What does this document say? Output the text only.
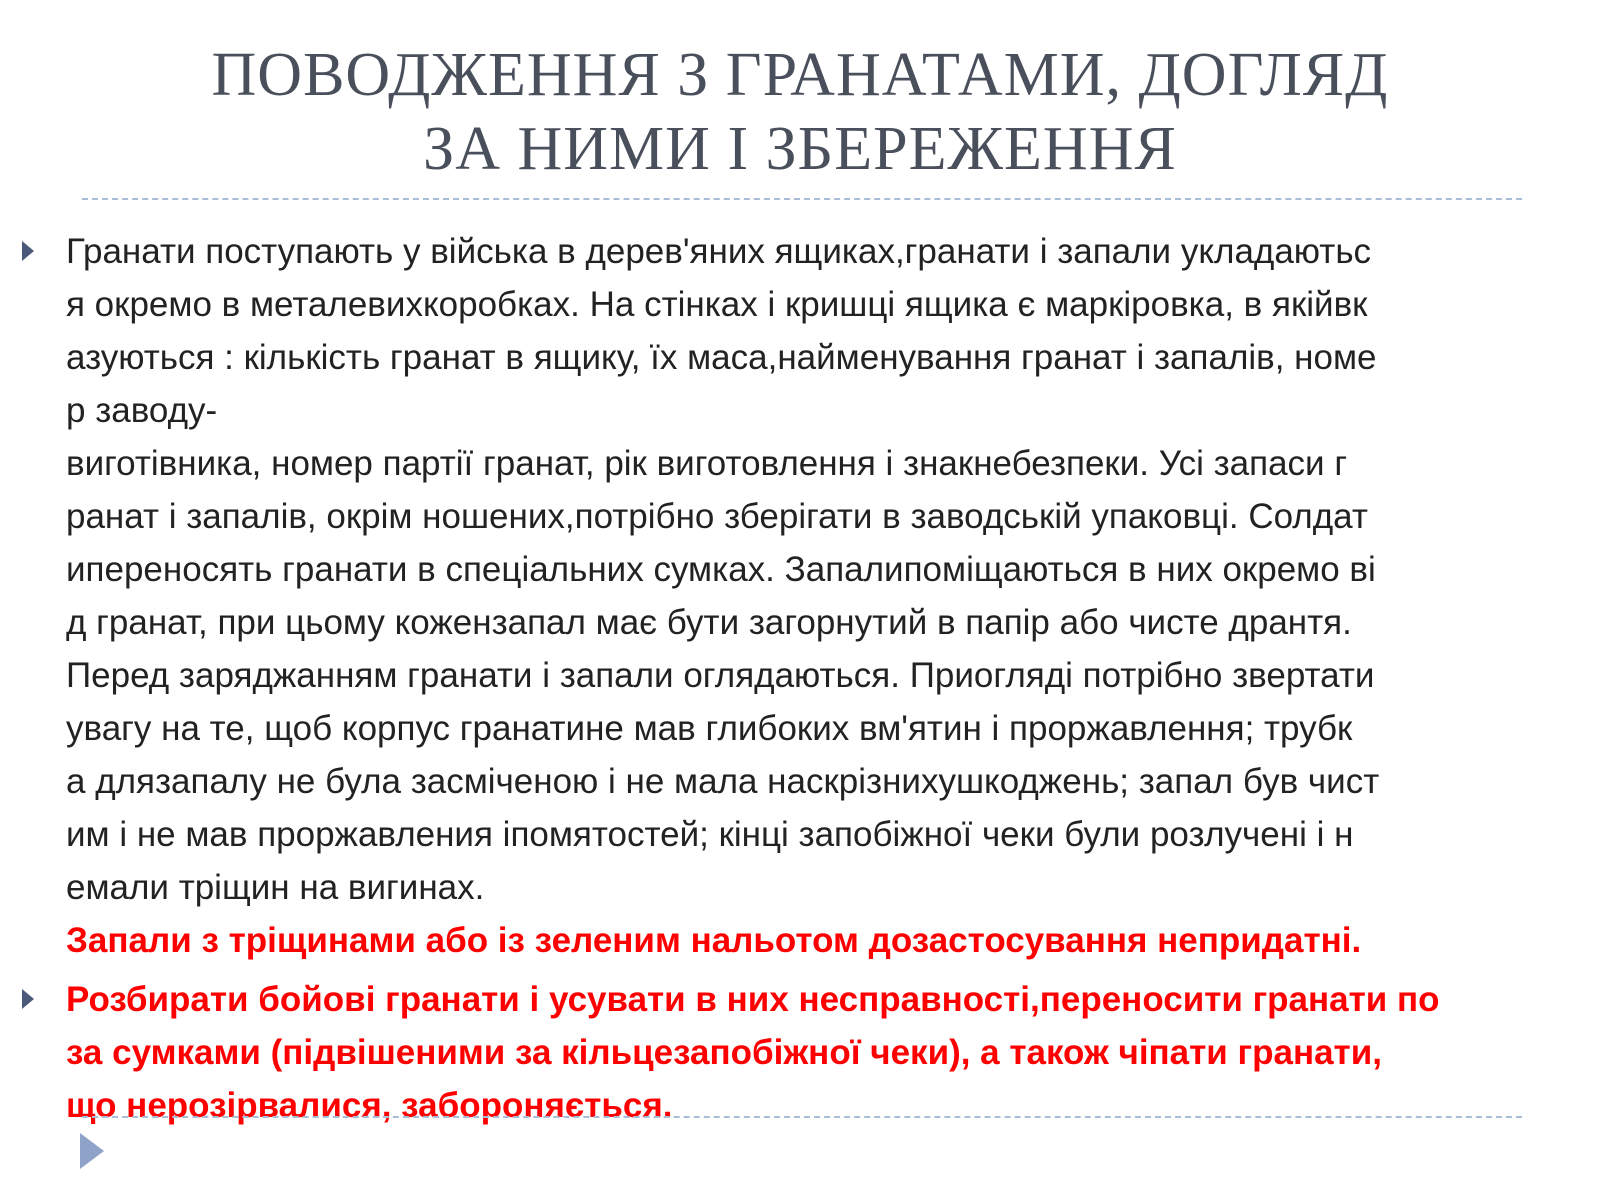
ПОВОДЖЕННЯ З ГРАНАТАМИ, ДОГЛЯД
ЗА НИМИ І ЗБЕРЕЖЕННЯ
Гранати поступають у війська в дерев'яних ящиках,гранати і запали укладаютьс
я окремо в металевихкоробках. На стінках і кришці ящика є маркіровка, в якійвк
азуються : кількість гранат в ящику, їх маса,найменування гранат і запалів, номе
р заводу-
виготівника, номер партії гранат, рік виготовлення і знакнебезпеки. Усі запаси г
ранат і запалів, окрім ношених,потрібно зберігати в заводській упаковці. Солдат
ипереносять гранати в спеціальних сумках. Запалипоміщаються в них окремо ві
д гранат, при цьому кожензапал має бути загорнутий в папір або чисте дрантя.
Перед заряджанням гранати і запали оглядаються. Приогляді потрібно звертати
увагу на те, щоб корпус гранатине мав глибоких вм'ятин і проржавлення; трубк
а длязапалу не була засміченою і не мала наскрізнихушкоджень; запал був чист
им і не мав проржавления іпомятостей; кінці запобіжної чеки були розлучені і н
емали тріщин на вигинах.
Запали з тріщинами або із зеленим нальотом дозастосування непридатні.
Розбирати бойові гранати і усувати в них несправності,переносити гранати по
за сумками (підвішеними за кільцезапобіжної чеки), а також чіпати гранати,
що нерозірвалися, забороняється.
